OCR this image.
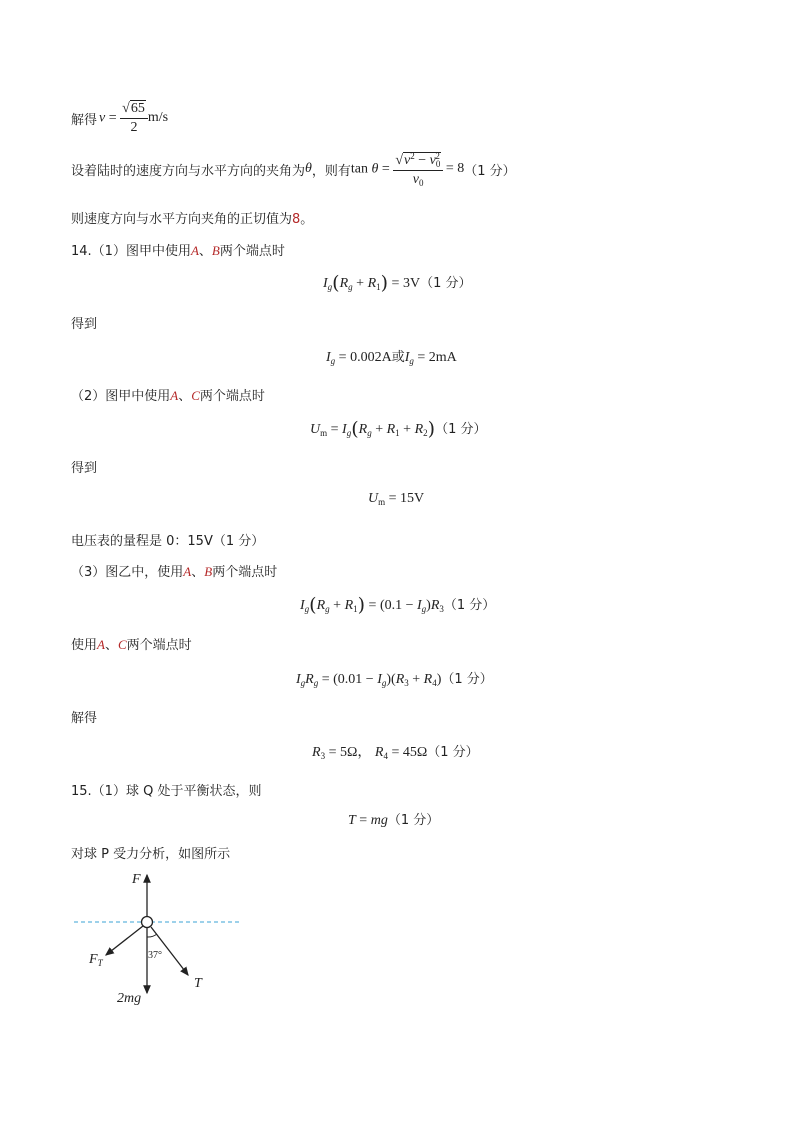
解得 $v = \frac{√65}{2} m/s$
设着陆时的速度方向与水平方向的夹角为 θ ，则有 $\tan \theta = \frac{√v^2 - v_0^2}{v_0} = 8$ （1 分）
则速度方向与水平方向夹角的正切值为8。
14.（1）图甲中使用A、B两个端点时
$I_g(R_g + R_1) = 3V(1$ 分）
得到
$I_g = 0.002A$或$I_g = 2mA$
（2）图甲中使用A、C两个端点时
$U_m = I_g(R_g + R_1 + R_2)(1$ 分）
得到
$U_m = 15V$
电压表的量程是 0：15V（1 分）
（3）图乙中，使用A、B两个端点时
$I_g(R_g + R_1) = (0.1 - I_g)R_3(1$ 分）
使用A、C两个端点时
$I_gR_g = (0.01 - I_g)(R_3 + R_4)(1$ 分）
解得
$R_3 = 5\Omega$， $R_4 = 45\Omega(1$ 分）
15.（1）球 Q 处于平衡状态，则
T = mg（1 分）
对球 P 受力分析，如图所示
F
$F_T$
37°
T
2mg
